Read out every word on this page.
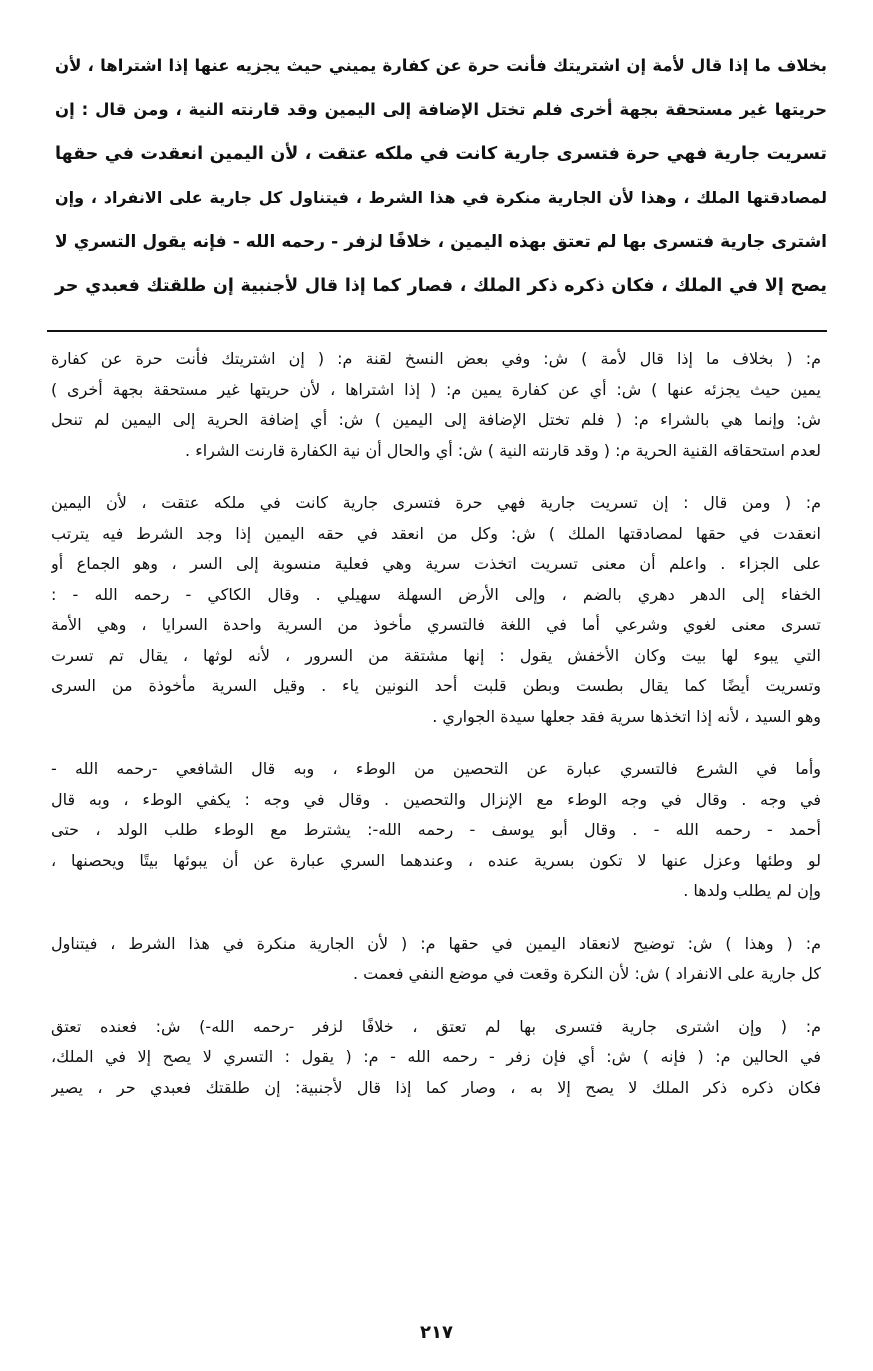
بخلاف ما إذا قال لأمة إن اشتريتك فأنت حرة عن كفارة يميني حيث يجزيه عنها إذا اشتراها ، لأن

حريتها غير مستحقة بجهة أخرى فلم تختل الإضافة إلى اليمين وقد قارنته النية ، ومن قال : إن

تسريت جارية فهي حرة فتسرى جارية كانت في ملكه عتقت ، لأن اليمين انعقدت في حقها

لمصادقتها الملك ، وهذا لأن الجارية منكرة في هذا الشرط ، فيتناول كل جارية على الانفراد ، وإن

اشترى جارية فتسرى بها لم تعتق بهذه اليمين ، خلافًا لزفر - رحمه الله - فإنه يقول التسري لا

يصح إلا في الملك ، فكان ذكره ذكر الملك ، فصار كما إذا قال لأجنبية إن طلقتك فعبدي حر

م: ( بخلاف ما إذا قال لأمة ) ش: وفي بعض النسخ لقنة م: ( إن اشتريتك فأنت حرة عن كفارة
يمين حيث يجزئه عنها ) ش: أي عن كفارة يمين م: ( إذا اشتراها ، لأن حريتها غير مستحقة بجهة أخرى )
ش: وإنما هي بالشراء م: ( فلم تختل الإضافة إلى اليمين ) ش: أي إضافة الحرية إلى اليمين لم تنحل
لعدم استحقاقه القنية الحرية م: ( وقد قارنته النية ) ش: أي والحال أن نية الكفارة قارنت الشراء .
م: ( ومن قال : إن تسريت جارية فهي حرة فتسرى جارية كانت في ملكه عتقت ، لأن اليمين
انعقدت في حقها لمصادقتها الملك ) ش: وكل من انعقد في حقه اليمين إذا وجد الشرط فيه يترتب
على الجزاء . واعلم أن معنى تسريت اتخذت سرية وهي فعلية منسوبة إلى السر ، وهو الجماع أو
الخفاء إلى الدهر دهري بالضم ، وإلى الأرض السهلة سهيلي . وقال الكاكي - رحمه الله - :
تسرى معنى لغوي وشرعي أما في اللغة فالتسري مأخوذ من السرية واحدة السرايا ، وهي الأمة
التي يبوء لها بيت وكان الأخفش يقول : إنها مشتقة من السرور ، لأنه لوثها ، يقال تم تسرت
وتسريت أيضًا كما يقال بطست وبطن قلبت أحد النونين ياء . وقيل السرية مأخوذة من السرى
وهو السيد ، لأنه إذا اتخذها سرية فقد جعلها سيدة الجواري .
وأما في الشرع فالتسري عبارة عن التحصين من الوطء ، وبه قال الشافعي -رحمه الله -
في وجه . وقال في وجه الوطء مع الإنزال والتحصين . وقال في وجه : يكفي الوطء ، وبه قال
أحمد - رحمه الله - . وقال أبو يوسف - رحمه الله-: يشترط مع الوطء طلب الولد ، حتى
لو وطئها وعزل عنها لا تكون بسرية عنده ، وعندهما السري عبارة عن أن يبوئها بيتًا ويحصنها ،
وإن لم يطلب ولدها .
م: ( وهذا ) ش: توضيح لانعقاد اليمين في حقها م: ( لأن الجارية منكرة في هذا الشرط ، فيتناول
كل جارية على الانفراد ) ش: لأن النكرة وقعت في موضع النفي فعمت .
م: ( وإن اشترى جارية فتسرى بها لم تعتق ، خلافًا لزفر -رحمه الله-) ش: فعنده تعتق
في الحالين م: ( فإنه ) ش: أي فإن زفر - رحمه الله - م: ( يقول : التسري لا يصح إلا في الملك،
فكان ذكره ذكر الملك لا يصح إلا به ، وصار كما إذا قال لأجنبية: إن طلقتك فعبدي حر ، يصير
٢١٧
